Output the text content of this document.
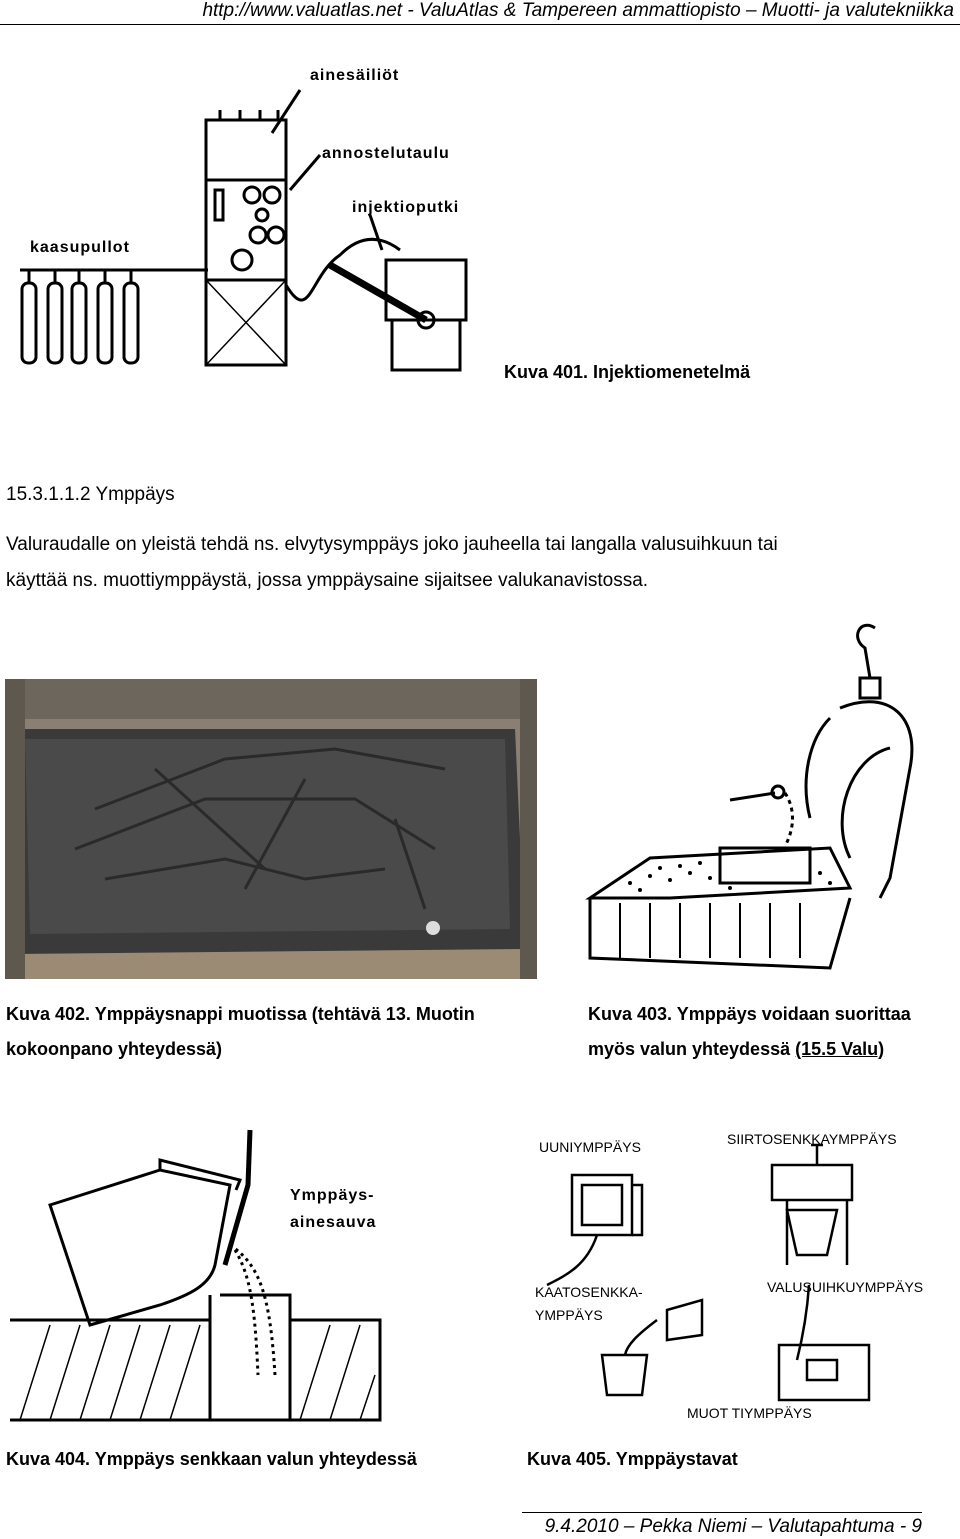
http://www.valuatlas.net - ValuAtlas & Tampereen ammattiopisto – Muotti- ja valutekniikka
ainesäiliöt
annostelutaulu
injektioputki
kaasupullot
Kuva 401. Injektiomenetelmä
15.3.1.1.2 Ymppäys
Valuraudalle on yleistä tehdä ns. elvytysymppäys joko jauheella tai langalla valusuihkuun tai
käyttää ns. muottiymppäystä, jossa ymppäysaine sijaitsee valukanavistossa.
Kuva 402. Ymppäysnappi muotissa (tehtävä 13. Muotin
kokoonpano yhteydessä)
Kuva 403. Ymppäys voidaan suorittaa
myös valun yhteydessä (15.5 Valu)
Ymppäys-
ainesauva
UUNIYMPPÄYS	SIIRTOSENKKAYMPPÄYS
KAATOSENKKA-
YMPPÄYS
VALUSUIHKUYMPPÄYS
MUOT TIYMPPÄYS
Kuva 404. Ymppäys senkkaan valun yhteydessä	Kuva 405. Ymppäystavat
9.4.2010 – Pekka Niemi – Valutapahtuma - 9
